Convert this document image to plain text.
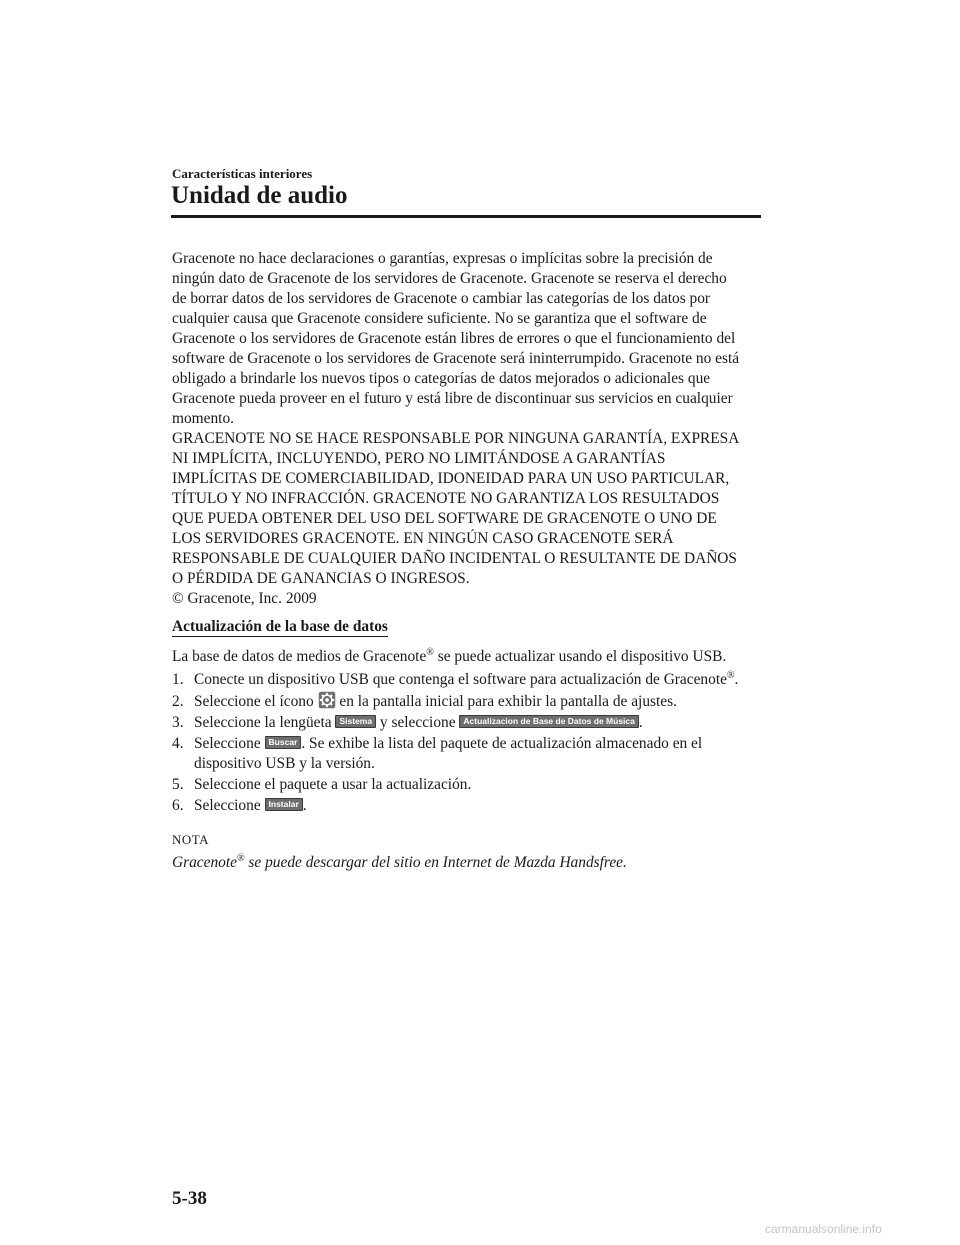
Características interiores
Unidad de audio

Gracenote no hace declaraciones o garantías, expresas o implícitas sobre la precisión de
ningún dato de Gracenote de los servidores de Gracenote. Gracenote se reserva el derecho
de borrar datos de los servidores de Gracenote o cambiar las categorías de los datos por
cualquier causa que Gracenote considere suficiente. No se garantiza que el software de
Gracenote o los servidores de Gracenote están libres de errores o que el funcionamiento del
software de Gracenote o los servidores de Gracenote será ininterrumpido. Gracenote no está
obligado a brindarle los nuevos tipos o categorías de datos mejorados o adicionales que
Gracenote pueda proveer en el futuro y está libre de discontinuar sus servicios en cualquier
momento.

GRACENOTE NO SE HACE RESPONSABLE POR NINGUNA GARANTÍA, EXPRESA
NI IMPLÍCITA, INCLUYENDO, PERO NO LIMITÁNDOSE A GARANTÍAS
IMPLÍCITAS DE COMERCIABILIDAD, IDONEIDAD PARA UN USO PARTICULAR,
TÍTULO Y NO INFRACCIÓN. GRACENOTE NO GARANTIZA LOS RESULTADOS
QUE PUEDA OBTENER DEL USO DEL SOFTWARE DE GRACENOTE O UNO DE
LOS SERVIDORES GRACENOTE. EN NINGÚN CASO GRACENOTE SERÁ
RESPONSABLE DE CUALQUIER DAÑO INCIDENTAL O RESULTANTE DE DAÑOS
O PÉRDIDA DE GANANCIAS O INGRESOS.
© Gracenote, Inc. 2009

Actualización de la base de datos

La base de datos de medios de Gracenote® se puede actualizar usando el dispositivo USB.

1. Conecte un dispositivo USB que contenga el software para actualización de Gracenote®.
2. Seleccione el ícono  en la pantalla inicial para exhibir la pantalla de ajustes.
3. Seleccione la lengüeta Sistema y seleccione Actualizacion de Base de Datos de Música .
4. Seleccione Buscar . Se exhibe la lista del paquete de actualización almacenado en el
dispositivo USB y la versión.
5. Seleccione el paquete a usar la actualización.
6. Seleccione Instalar .

NOTA

Gracenote® se puede descargar del sitio en Internet de Mazda Handsfree.

5-38
carmanualsonline.info
